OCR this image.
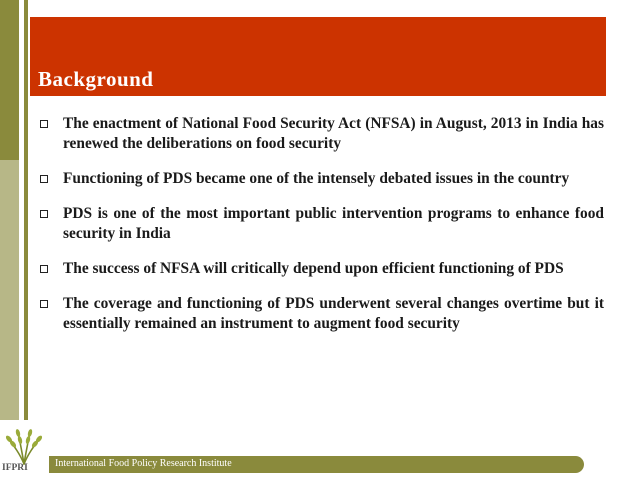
Background
The enactment of National Food Security Act (NFSA) in August, 2013 in India has renewed the deliberations on food security
Functioning of PDS became one of the intensely debated issues in the country
PDS is one of the most important public intervention programs to enhance food security in India
The success of NFSA will critically depend upon efficient functioning of PDS
The coverage and functioning of PDS underwent several changes overtime but it essentially remained an instrument to augment food security
IFPRI	International Food Policy Research Institute
